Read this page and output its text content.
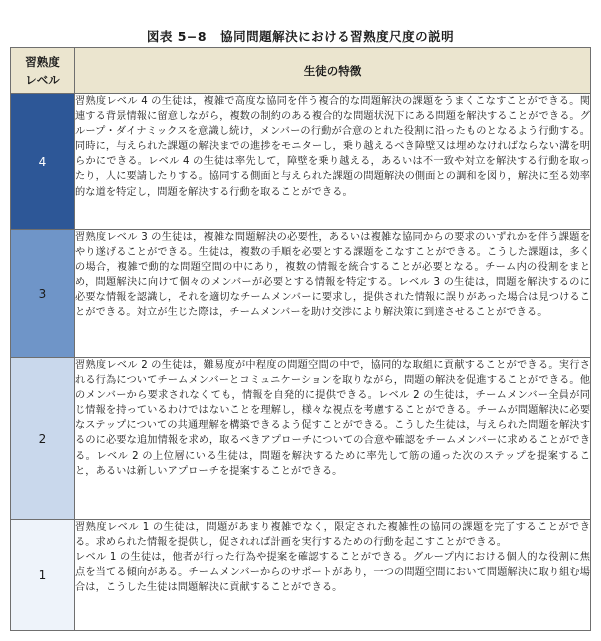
図表 5−8　協同問題解決における習熟度尺度の説明
習熟度
レベル	生徒の特徴
4	習熟度レベル 4 の生徒は，複雑で高度な協同を伴う複合的な問題解決の課題をうまくこなすことができる。関連する背景情報に留意しながら，複数の制約のある複合的な問題状況下にある問題を解決することができる。グループ・ダイナミックスを意識し続け，メンバーの行動が合意のとれた役割に沿ったものとなるよう行動する。同時に，与えられた課題の解決までの進捗をモニターし，乗り越えるべき障壁又は埋めなければならない溝を明らかにできる。レベル 4 の生徒は率先して，障壁を乗り越える，あるいは不一致や対立を解決する行動を取ったり，人に要請したりする。協同する側面と与えられた課題の問題解決の側面との調和を図り，解決に至る効率的な道を特定し，問題を解決する行動を取ることができる。
3	習熟度レベル 3 の生徒は，複雑な問題解決の必要性，あるいは複雑な協同からの要求のいずれかを伴う課題をやり遂げることができる。生徒は，複数の手順を必要とする課題をこなすことができる。こうした課題は，多くの場合，複雑で動的な問題空間の中にあり，複数の情報を統合することが必要となる。チーム内の役割をまとめ，問題解決に向けて個々のメンバーが必要とする情報を特定する。レベル 3 の生徒は，問題を解決するのに必要な情報を認識し，それを適切なチームメンバーに要求し，提供された情報に誤りがあった場合は見つけることができる。対立が生じた際は，チームメンバーを助け交渉により解決策に到達させることができる。
2	習熟度レベル 2 の生徒は，難易度が中程度の問題空間の中で，協同的な取組に貢献することができる。実行される行為についてチームメンバーとコミュニケーションを取りながら，問題の解決を促進することができる。他のメンバーから要求されなくても，情報を自発的に提供できる。レベル 2 の生徒は，チームメンバー全員が同じ情報を持っているわけではないことを理解し，様々な視点を考慮することができる。チームが問題解決に必要なステップについての共通理解を構築できるよう促すことができる。こうした生徒は，与えられた問題を解決するのに必要な追加情報を求め，取るべきアプローチについての合意や確認をチームメンバーに求めることができる。レベル 2 の上位層にいる生徒は，問題を解決するために率先して筋の通った次のステップを提案すること，あるいは新しいアプローチを提案することができる。
1	習熟度レベル 1 の生徒は，問題があまり複雑でなく，限定された複雑性の協同の課題を完了することができる。求められた情報を提供し，促されれば計画を実行するための行動を起こすことができる。
レベル 1 の生徒は，他者が行った行為や提案を確認することができる。グループ内における個人的な役割に焦点を当てる傾向がある。チームメンバーからのサポートがあり，一つの問題空間において問題解決に取り組む場合は，こうした生徒は問題解決に貢献することができる。
